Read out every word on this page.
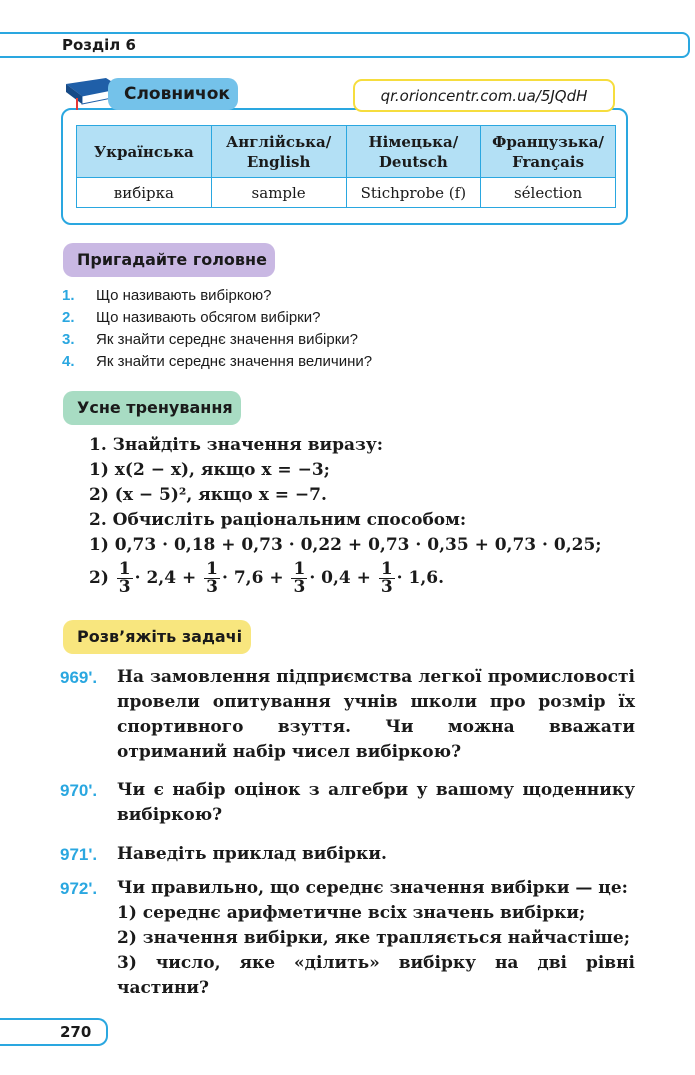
Розділ 6
Словничок	qr.orioncentr.com.ua/5JQdH
Українська	Англійська/ English	Німецька/ Deutsch	Французька/ Français
вибірка	sample	Stichprobe (f)	sélection
Пригадайте головне
1. Що називають вибіркою?
2. Що називають обсягом вибірки?
3. Як знайти середнє значення вибірки?
4. Як знайти середнє значення величини?
Усне тренування
1. Знайдіть значення виразу:
1) x(2 − x), якщо x = −3;
2) (x − 5)², якщо x = −7.
2. Обчисліть раціональним способом:
1) 0,73 · 0,18 + 0,73 · 0,22 + 0,73 · 0,35 + 0,73 · 0,25;
$2) \frac{1}{3} \cdot 2,4 + \frac{1}{3} \cdot 7,6 + \frac{1}{3} \cdot 0,4 + \frac{1}{3} \cdot 1,6$.
Розв’яжіть задачі
969'. На замовлення підприємства легкої промисловості провели опитування учнів школи про розмір їх спортивного взуття. Чи можна вважати отриманий набір чисел вибіркою?
970'. Чи є набір оцінок з алгебри у вашому щоденнику вибіркою?
971'. Наведіть приклад вибірки.
972'. Чи правильно, що середнє значення вибірки — це:
1) середнє арифметичне всіх значень вибірки;
2) значення вибірки, яке трапляється найчастіше;
3) число, яке «ділить» вибірку на дві рівні
частини?
270
